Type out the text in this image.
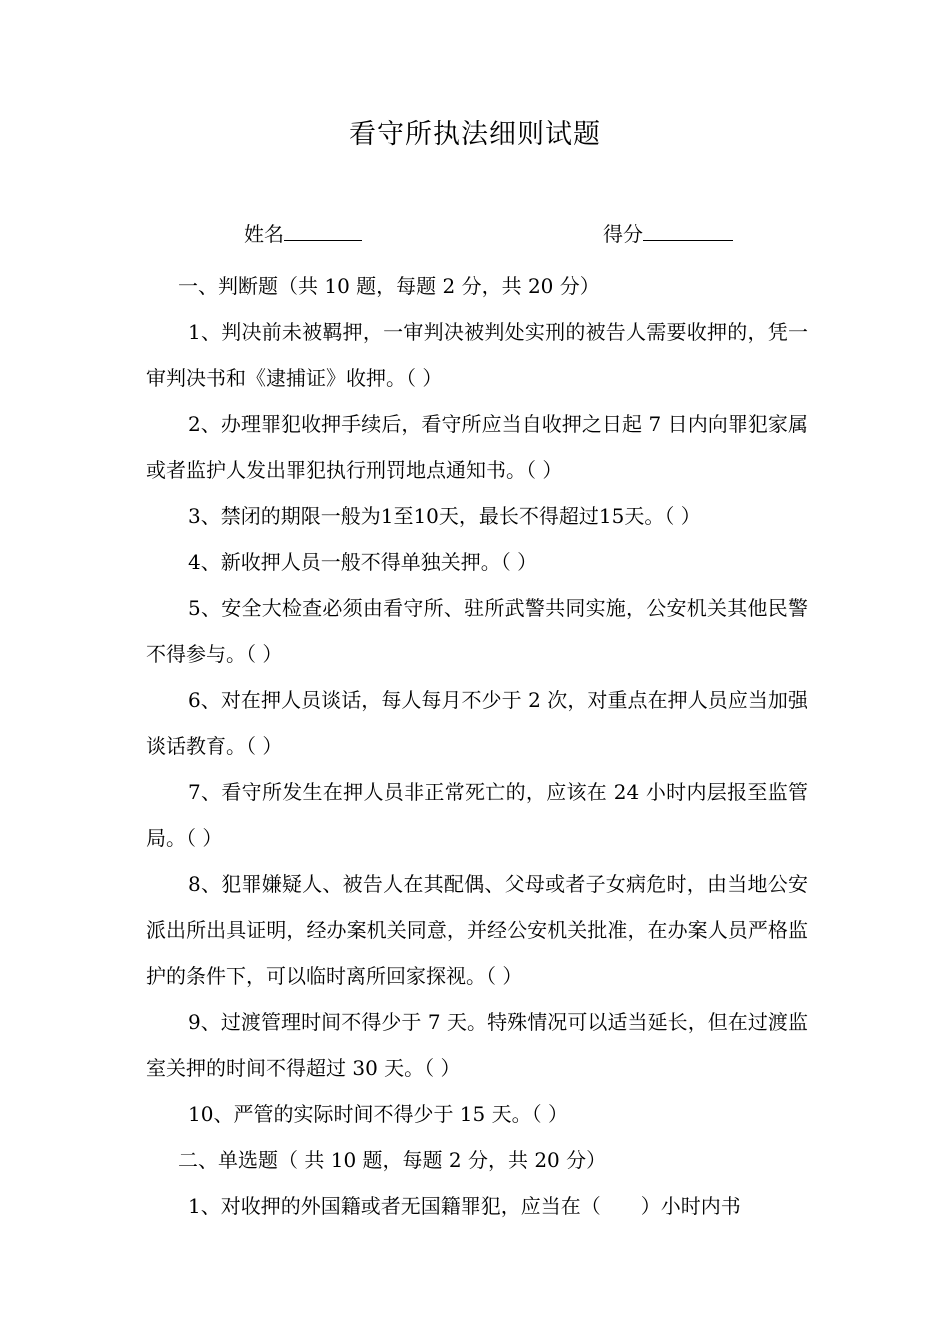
看守所执法细则试题
姓名	得分

一、判断题（共 10 题，每题 2 分，共 20 分）

1、判决前未被羁押，一审判决被判处实刑的被告人需要收押的，凭一审判决书和《逮捕证》收押。（ ）

2、办理罪犯收押手续后，看守所应当自收押之日起 7 日内向罪犯家属或者监护人发出罪犯执行刑罚地点通知书。（ ）

3、禁闭的期限一般为1至10天，最长不得超过15天。（ ）

4、新收押人员一般不得单独关押。（ ）

5、安全大检查必须由看守所、驻所武警共同实施，公安机关其他民警不得参与。（ ）

6、对在押人员谈话，每人每月不少于 2 次，对重点在押人员应当加强谈话教育。（ ）

7、看守所发生在押人员非正常死亡的，应该在 24 小时内层报至监管局。（ ）

8、犯罪嫌疑人、被告人在其配偶、父母或者子女病危时，由当地公安派出所出具证明，经办案机关同意，并经公安机关批准，在办案人员严格监护的条件下，可以临时离所回家探视。（ ）

9、过渡管理时间不得少于 7 天。特殊情况可以适当延长，但在过渡监室关押的时间不得超过 30 天。（ ）

10、严管的实际时间不得少于 15 天。（ ）

二、单选题（ 共 10 题，每题 2 分，共 20 分）

1、对收押的外国籍或者无国籍罪犯，应当在（　　）小时内书
